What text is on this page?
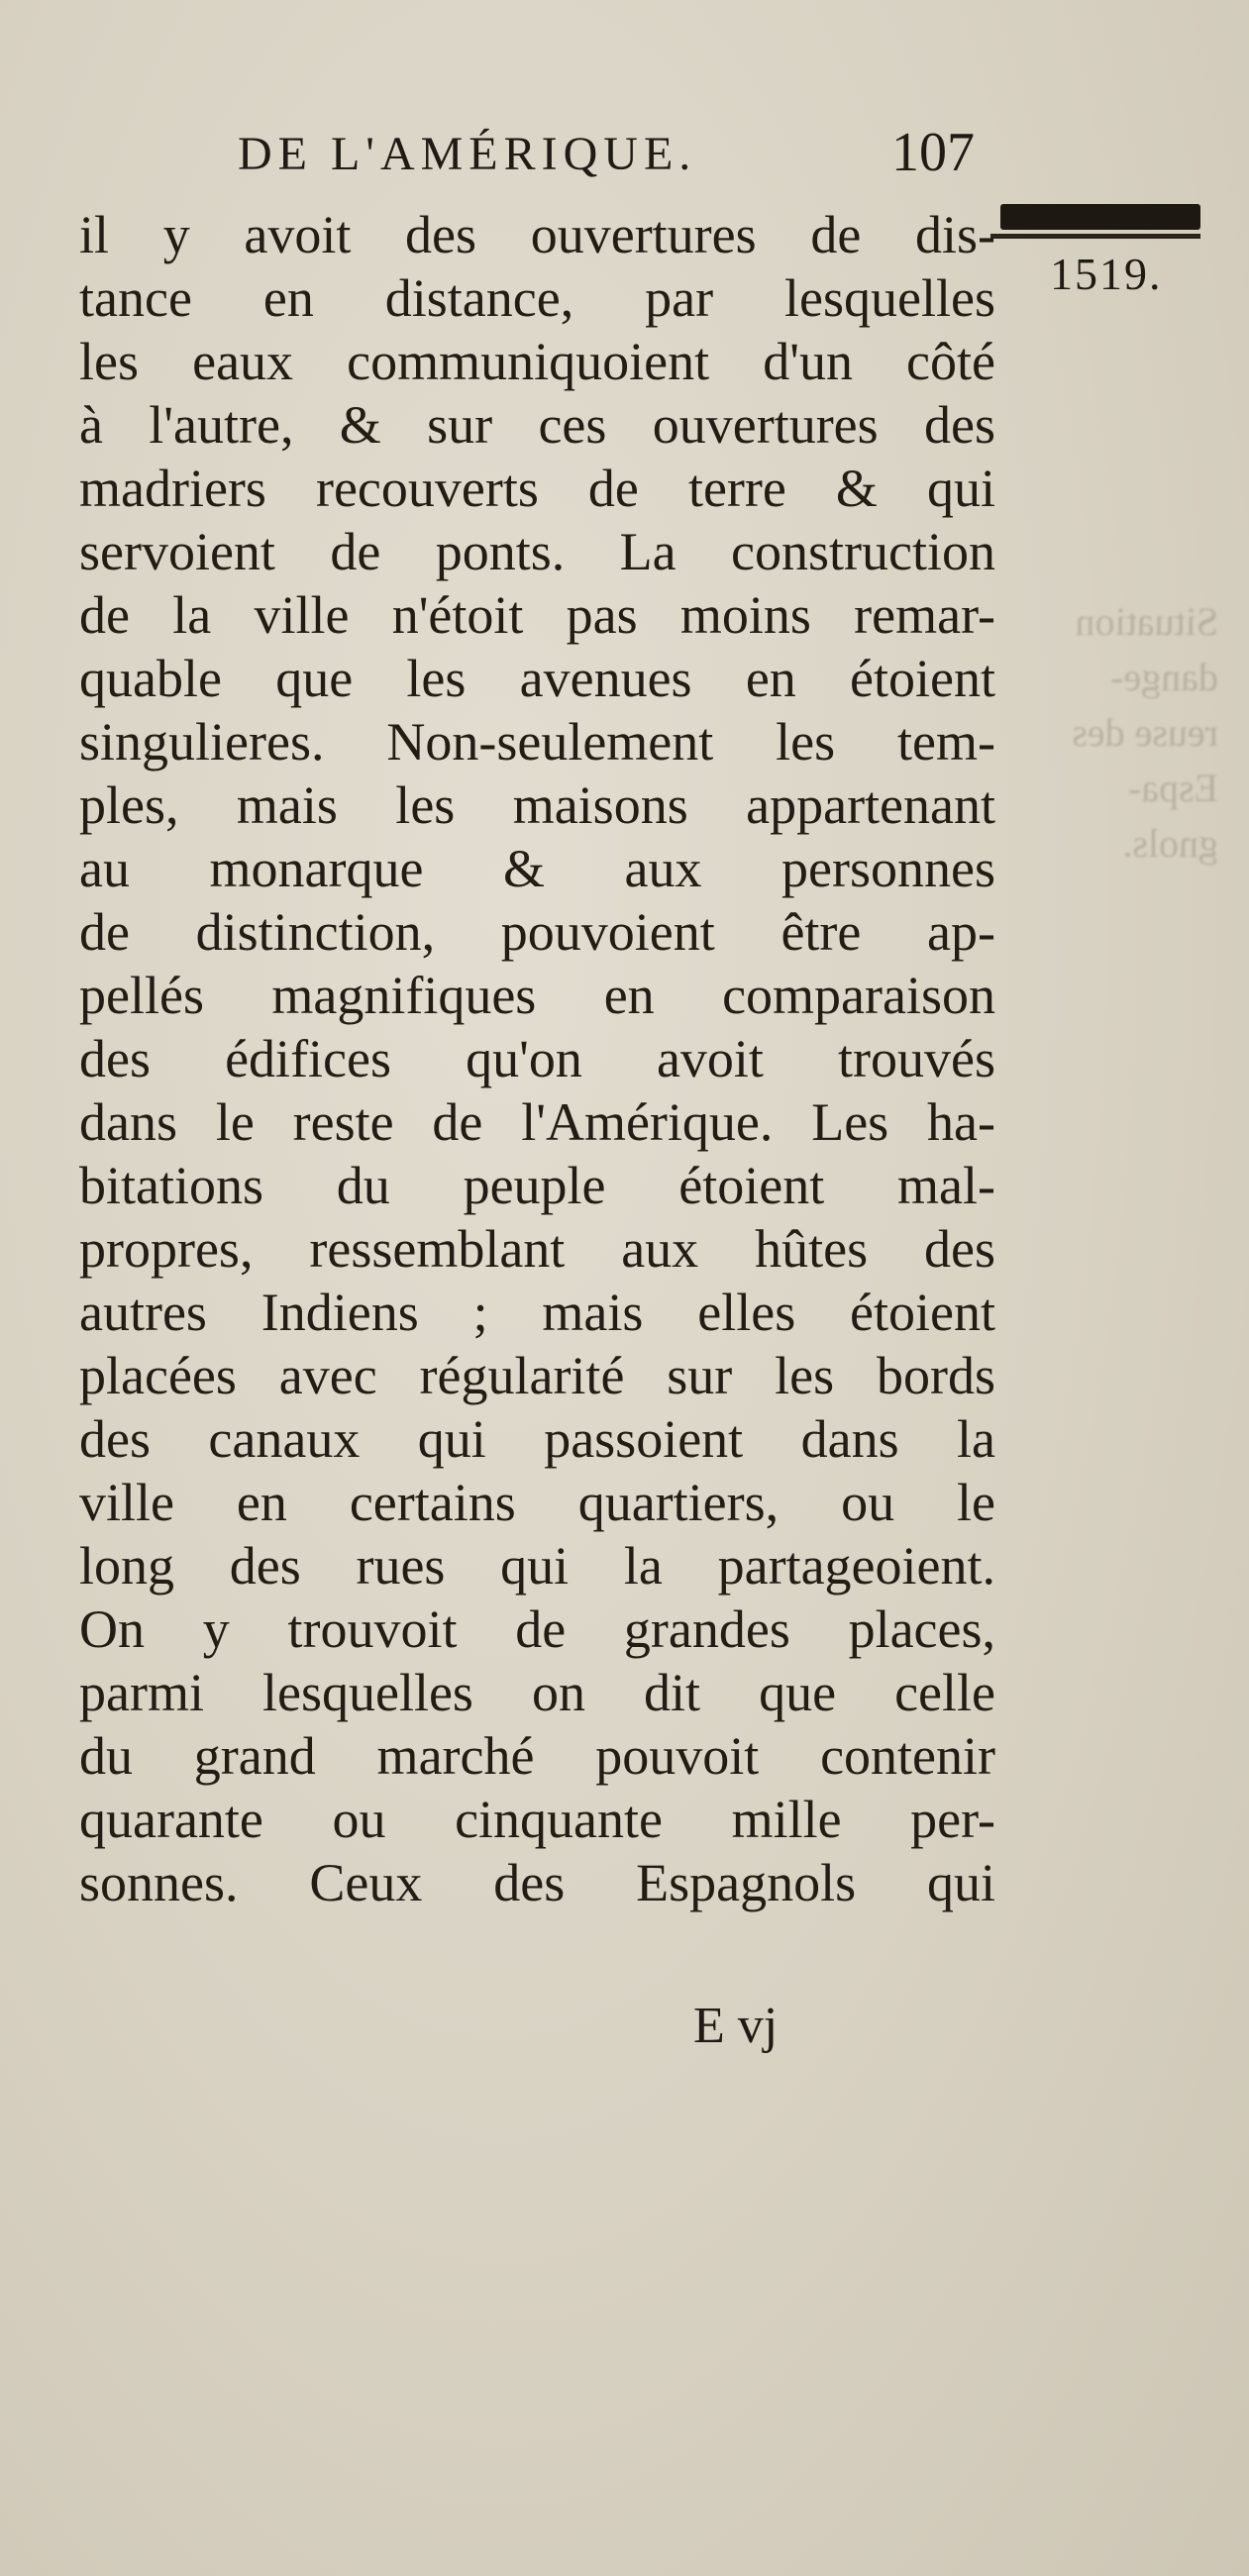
Situation
dange-
reuse des
Espa-
gnols.
DE L'AMÉRIQUE.	107
1519.
il y avoit des ouvertures de dis-
tance en distance, par lesquelles
les eaux communiquoient d'un côté
à l'autre, & sur ces ouvertures des
madriers recouverts de terre & qui
servoient de ponts. La construction
de la ville n'étoit pas moins remar-
quable que les avenues en étoient
singulieres. Non-seulement les tem-
ples, mais les maisons appartenant
au monarque & aux personnes
de distinction, pouvoient être ap-
pellés magnifiques en comparaison
des édifices qu'on avoit trouvés
dans le reste de l'Amérique. Les ha-
bitations du peuple étoient mal-
propres, ressemblant aux hûtes des
autres Indiens ; mais elles étoient
placées avec régularité sur les bords
des canaux qui passoient dans la
ville en certains quartiers, ou le
long des rues qui la partageoient.
On y trouvoit de grandes places,
parmi lesquelles on dit que celle
du grand marché pouvoit contenir
quarante ou cinquante mille per-
sonnes. Ceux des Espagnols qui
E vj
